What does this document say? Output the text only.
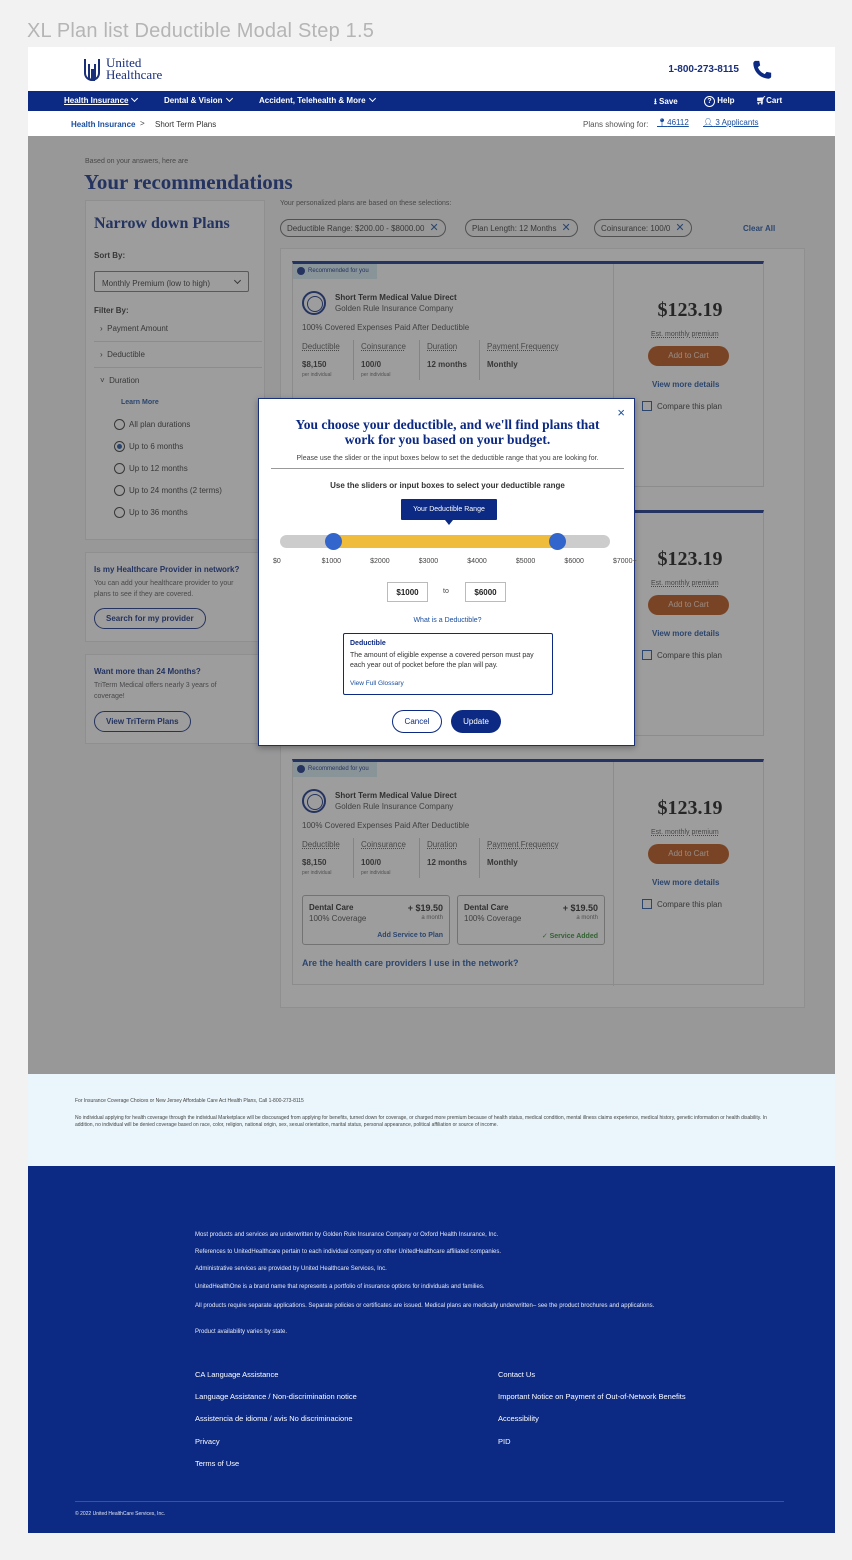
XL Plan list Deductible Modal Step 1.5
United
Healthcare	1-800-273-8115
Health Insurance	Dental & Vision	Accident, Telehealth & More	⭳ Save	? Help	🛒︎Cart
Health Insurance > Short Term Plans	Plans showing for: 📍︎46112 👤︎ 3 Applicants
×
You choose your deductible, and we'll find plans that work for you based on your budget.
Please use the slider or the input boxes below to set the deductible range that you are looking for.
Use the sliders or input boxes to select your deductible range
Your Deductible Range
$0	$1000	$2000	$3000	$4000	$5000	$6000	$7000+
$1000	to	$6000
What is a Deductible?
Deductible
The amount of eligible expense a covered person must pay each year out of pocket before the plan will pay.
View Full Glossary
Cancel	Update
For Insurance Coverage Choices or New Jersey Affordable Care Act Health Plans, Call 1-800-273-8115
No individual applying for health coverage through the individual Marketplace will be discouraged from applying for benefits, turned down for coverage, or charged more premium because of health status, medical condition, mental illness claims experience, medical history, genetic information or health disability. In addition, no individual will be denied coverage based on race, color, religion, national origin, sex, sexual orientation, marital status, personal appearance, political affiliation or source of income.
Most products and services are underwritten by Golden Rule Insurance Company or Oxford Health Insurance, Inc.
References to UnitedHealthcare pertain to each individual company or other UnitedHealthcare affiliated companies.
Administrative services are provided by United Healthcare Services, Inc.
UnitedHealthOne is a brand name that represents a portfolio of insurance options for individuals and families.
All products require separate applications. Separate policies or certificates are issued. Medical plans are medically underwritten– see the product brochures and applications.
Product availability varies by state.
CA Language Assistance
Language Assistance / Non-discrimination notice
Assistencia de idioma / avis No discriminacione
Privacy
Terms of Use
Contact Us
Important Notice on Payment of Out-of-Network Benefits
Accessibility
PID
© 2022 United HealthCare Services, Inc.
